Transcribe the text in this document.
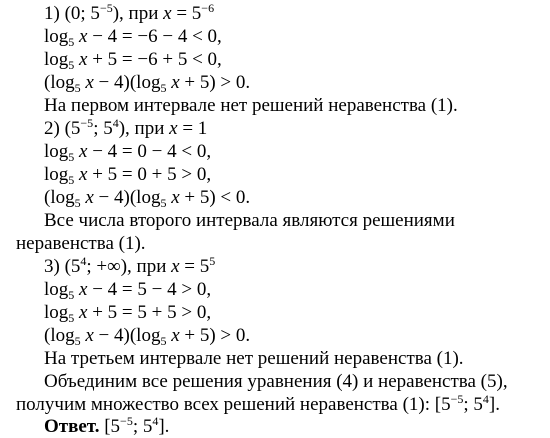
1) (0; $5^{-5}$), при $x = 5^{-6}$
$\log_5 x - 4 = -6 - 4 < 0$,
$\log_5 x + 5 = -6 + 5 < 0$,
($\log_5$ $x - 4)(\log_5$ x + 5) > 0.
На первом интервале нет решений неравенства (1).
2) ($5^{-5}$; $5^4$), при x = 1
$\log_5 x - 4 = 0 - 4 < 0$,
$\log_5 x + 5 = 0 + 5 > 0$,
($\log_5$ $x - 4)(\log_5$ x + 5) < 0.
Все числа второго интервала являются решениями
неравенства (1).
3) ($5^4$; +∞), при $x = 5^5$
$\log_5 x - 4 = 5 - 4 > 0$,
$\log_5 x + 5 = 5 + 5 > 0$,
($\log_5$ $x - 4)(\log_5$ x + 5) > 0.
На третьем интервале нет решений неравенства (1).
Объединим все решения уравнения (4) и неравенства (5),
получим множество всех решений неравенства (1): [$5^{-5}$; $5^4$].
Ответ. [$5^{-5}$; $5^4$].
